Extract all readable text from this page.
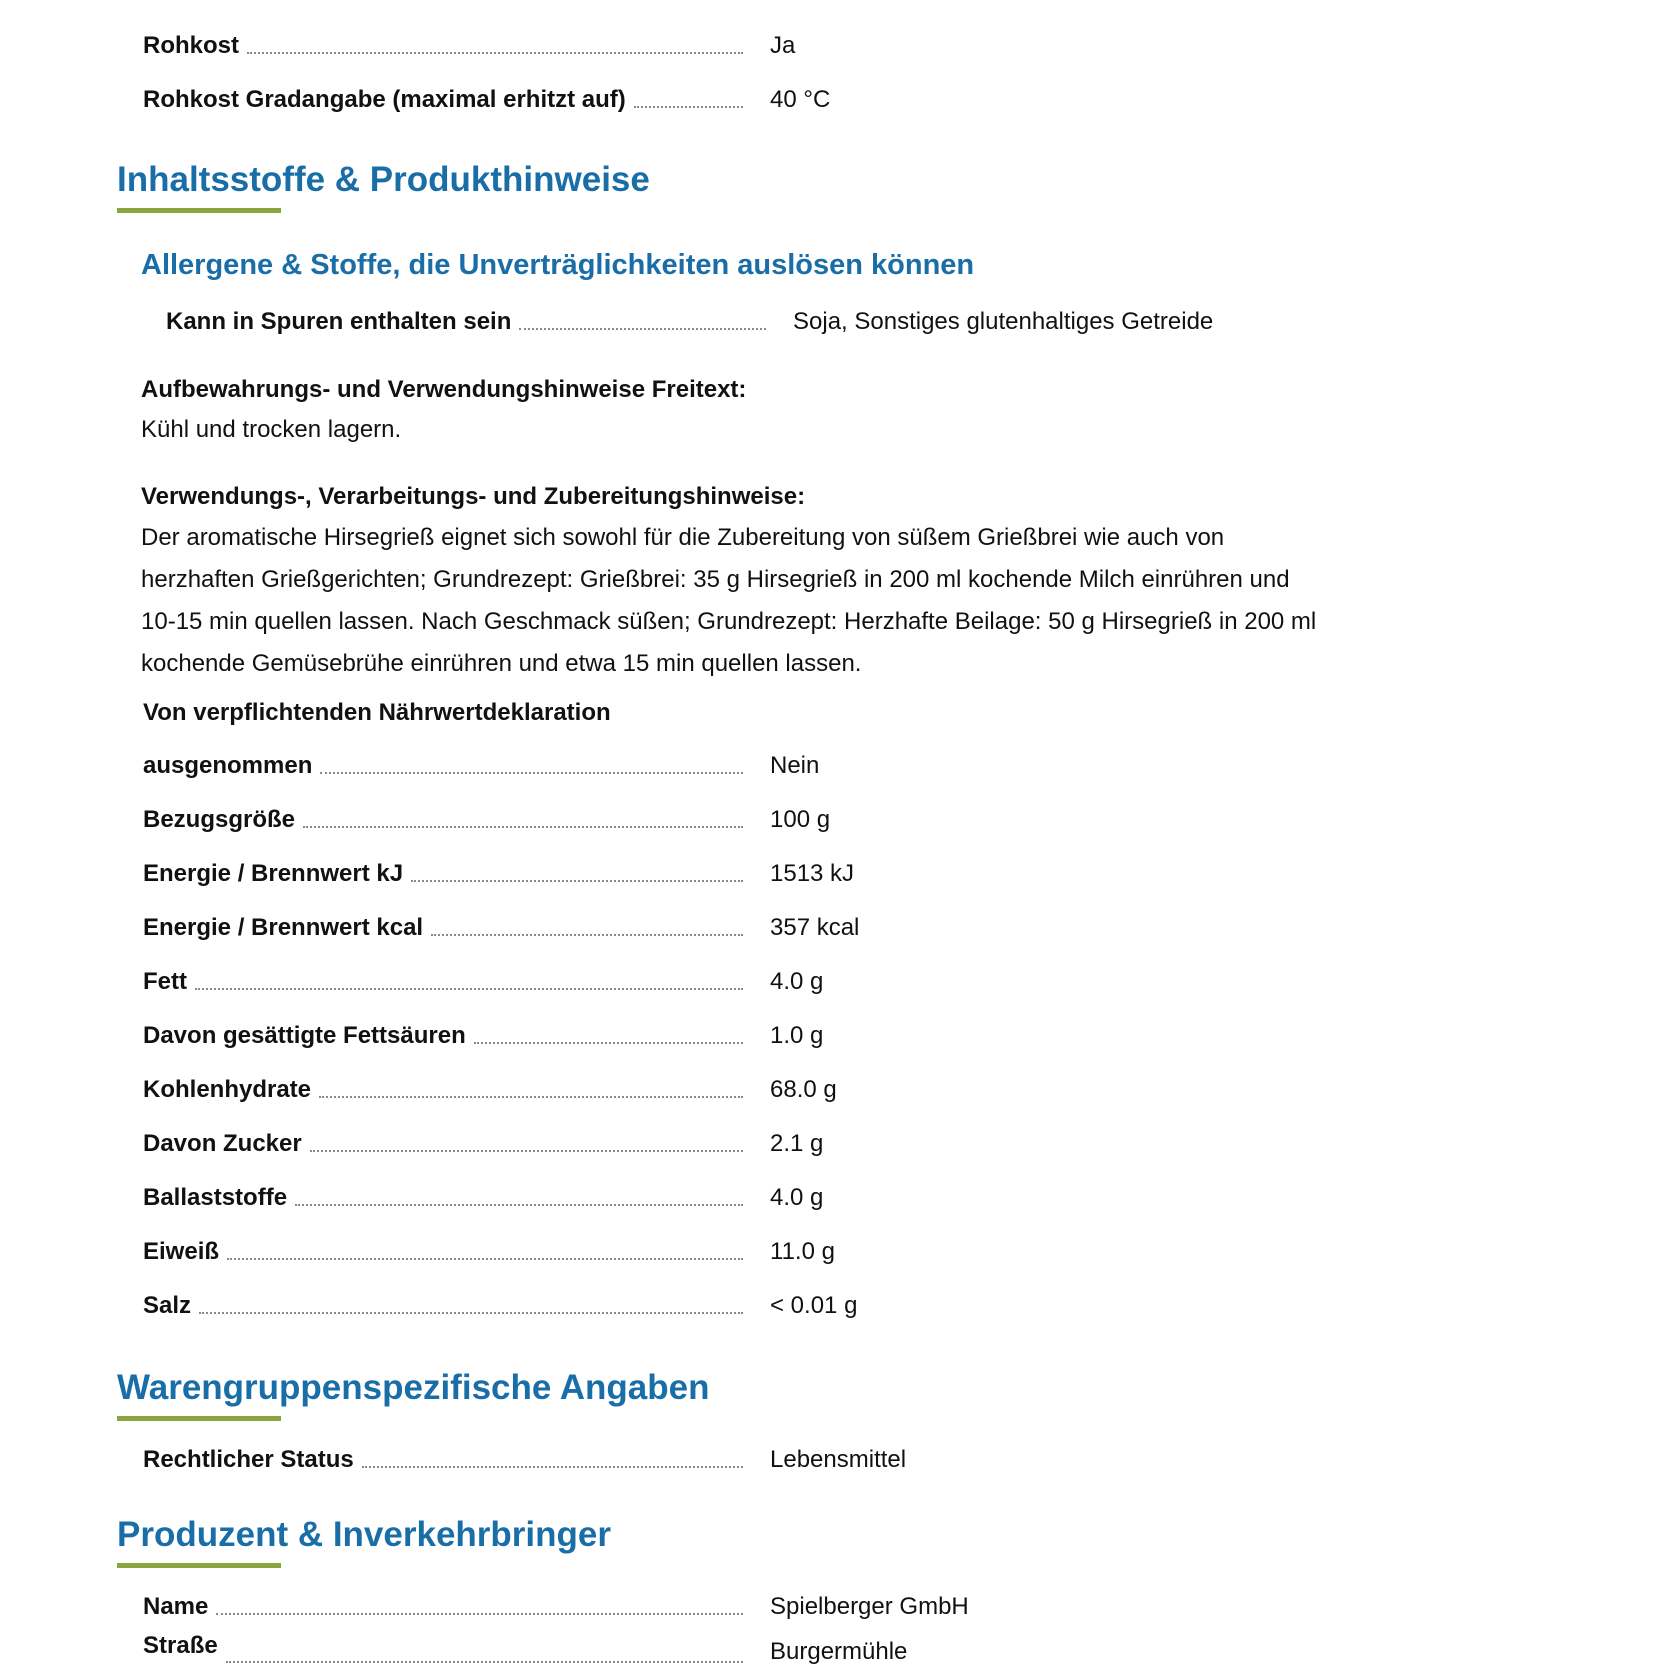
Rohkost	Ja
Rohkost Gradangabe (maximal erhitzt auf)	40 °C
Inhaltsstoffe & Produkthinweise
Allergene & Stoffe, die Unverträglichkeiten auslösen können
Kann in Spuren enthalten sein	Soja, Sonstiges glutenhaltiges Getreide
Aufbewahrungs- und Verwendungshinweise Freitext:
Kühl und trocken lagern.
Verwendungs-, Verarbeitungs- und Zubereitungshinweise:
Der aromatische Hirsegrieß eignet sich sowohl für die Zubereitung von süßem Grießbrei wie auch von
herzhaften Grießgerichten; Grundrezept: Grießbrei: 35 g Hirsegrieß in 200 ml kochende Milch einrühren und
10-15 min quellen lassen. Nach Geschmack süßen; Grundrezept: Herzhafte Beilage: 50 g Hirsegrieß in 200 ml
kochende Gemüsebrühe einrühren und etwa 15 min quellen lassen.
Von verpflichtenden Nährwertdeklaration
ausgenommen	Nein
Bezugsgröße	100 g
Energie / Brennwert kJ	1513 kJ
Energie / Brennwert kcal	357 kcal
Fett	4.0 g
Davon gesättigte Fettsäuren	1.0 g
Kohlenhydrate	68.0 g
Davon Zucker	2.1 g
Ballaststoffe	4.0 g
Eiweiß	11.0 g
Salz	< 0.01 g
Warengruppenspezifische Angaben
Rechtlicher Status	Lebensmittel
Produzent & Inverkehrbringer
Name	Spielberger GmbH
Straße	Burgermühle
